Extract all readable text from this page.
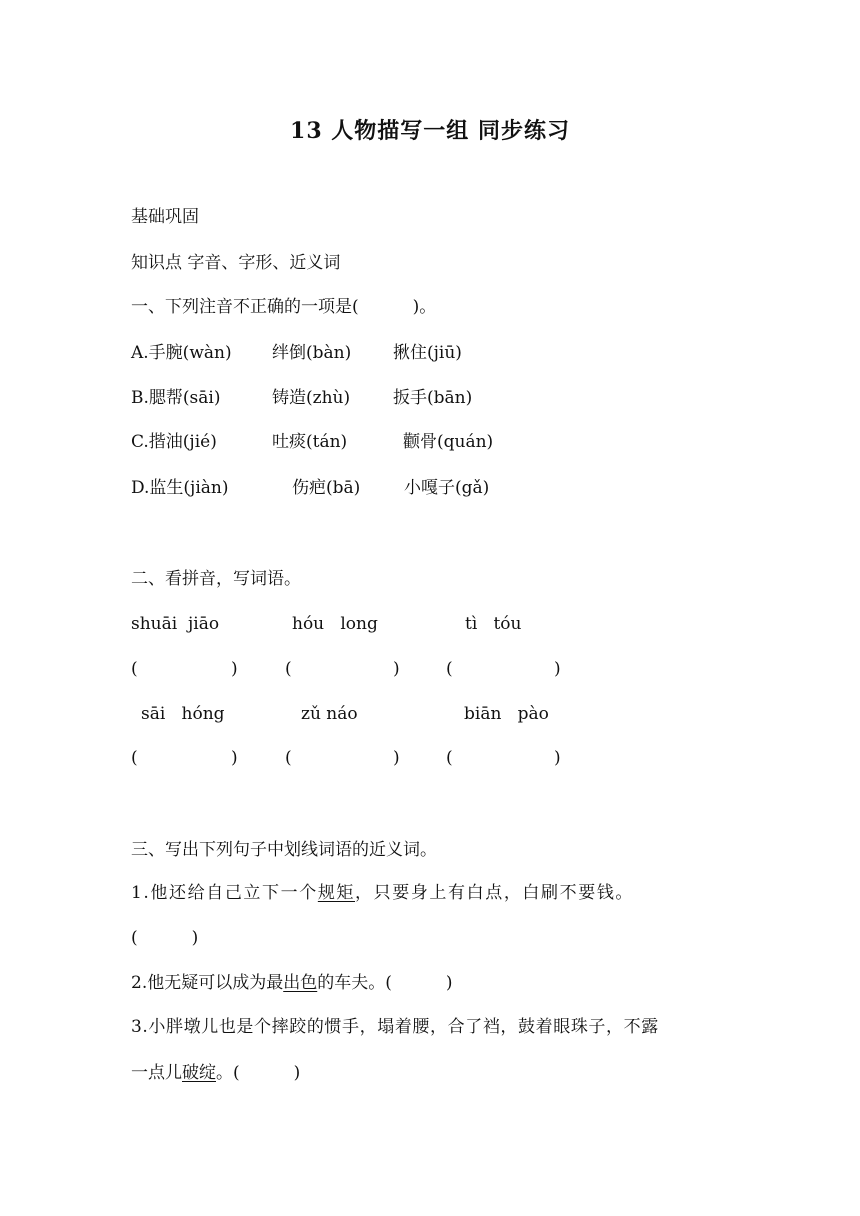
13 人物描写一组 同步练习
基础巩固
知识点 字音、字形、近义词
一、下列注音不正确的一项是(          )。
A.手腕(wàn) 绊倒(bàn) 揪住(jiū)
B.腮帮(sāi)	铸造(zhù)	扳手(bān)
C.揩油(jié)	吐痰(tán)	颧骨(quán)
D.监生(jiàn)	伤疤(bā)	小嘎子(gǎ)
二、看拼音，写词语。
shuāi  jiāo	hóu   long	tì   tóu
(	)	(	)	(	)
sāi   hóng	zǔ náo	biān   pào
(	)	(	)	(	)
三、写出下列句子中划线词语的近义词。
1.他还给自己立下一个规矩，只要身上有白点，白刷不要钱。
(          )
2.他无疑可以成为最出色的车夫。(          )
3.小胖墩儿也是个摔跤的惯手，塌着腰，合了裆，鼓着眼珠子，不露
一点儿破绽。(          )
